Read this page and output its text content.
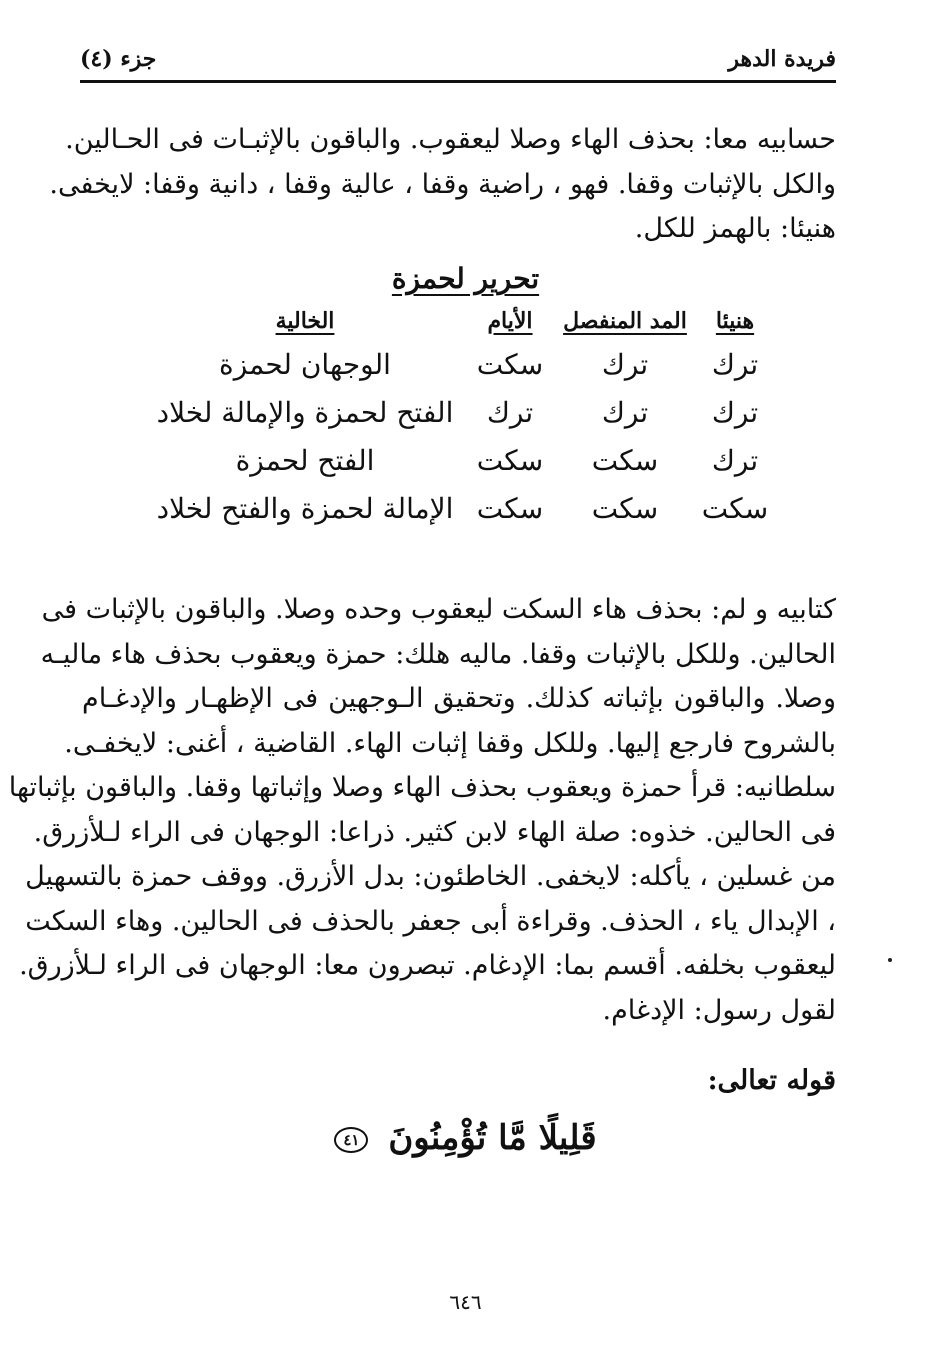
فريدة الدهر
جزء (٤)
حسابيه معا: بحذف الهاء وصلا ليعقوب. والباقون بالإثبـات فى الحـالين.
والكل بالإثبات وقفا. فهو ، راضية وقفا ، عالية وقفا ، دانية وقفا: لايخفى.
هنيئا: بالهمز للكل.
تحرير لحمزة
هنيئا	المد المنفصل	الأيام	الخالية
ترك	ترك	سكت	الوجهان لحمزة
ترك	ترك	ترك	الفتح لحمزة والإمالة لخلاد
ترك	سكت	سكت	الفتح لحمزة
سكت	سكت	سكت	الإمالة لحمزة والفتح لخلاد
كتابيه و لم: بحذف هاء السكت ليعقوب وحده وصلا. والباقون بالإثبات فى
الحالين. وللكل بالإثبات وقفا. ماليه هلك: حمزة ويعقوب بحذف هاء ماليـه
وصلا. والباقون بإثباته كذلك. وتحقيق الـوجهين فى الإظهـار والإدغـام
بالشروح فارجع إليها. وللكل وقفا إثبات الهاء. القاضية ، أغنى: لايخفـى.
سلطانيه: قرأ حمزة ويعقوب بحذف الهاء وصلا وإثباتها وقفا. والباقون بإثباتها
فى الحالين. خذوه: صلة الهاء لابن كثير. ذراعا: الوجهان فى الراء لـلأزرق.
من غسلين ، يأكله: لايخفى. الخاطئون: بدل الأزرق. ووقف حمزة بالتسهيل
، الإبدال ياء ، الحذف. وقراءة أبى جعفر بالحذف فى الحالين. وهاء السكت
ليعقوب بخلفه. أقسم بما: الإدغام. تبصرون معا: الوجهان فى الراء لـلأزرق.
لقول رسول: الإدغام.
قوله تعالى:
قَلِيلًا مَّا تُؤْمِنُونَ ٤١
٦٤٦
